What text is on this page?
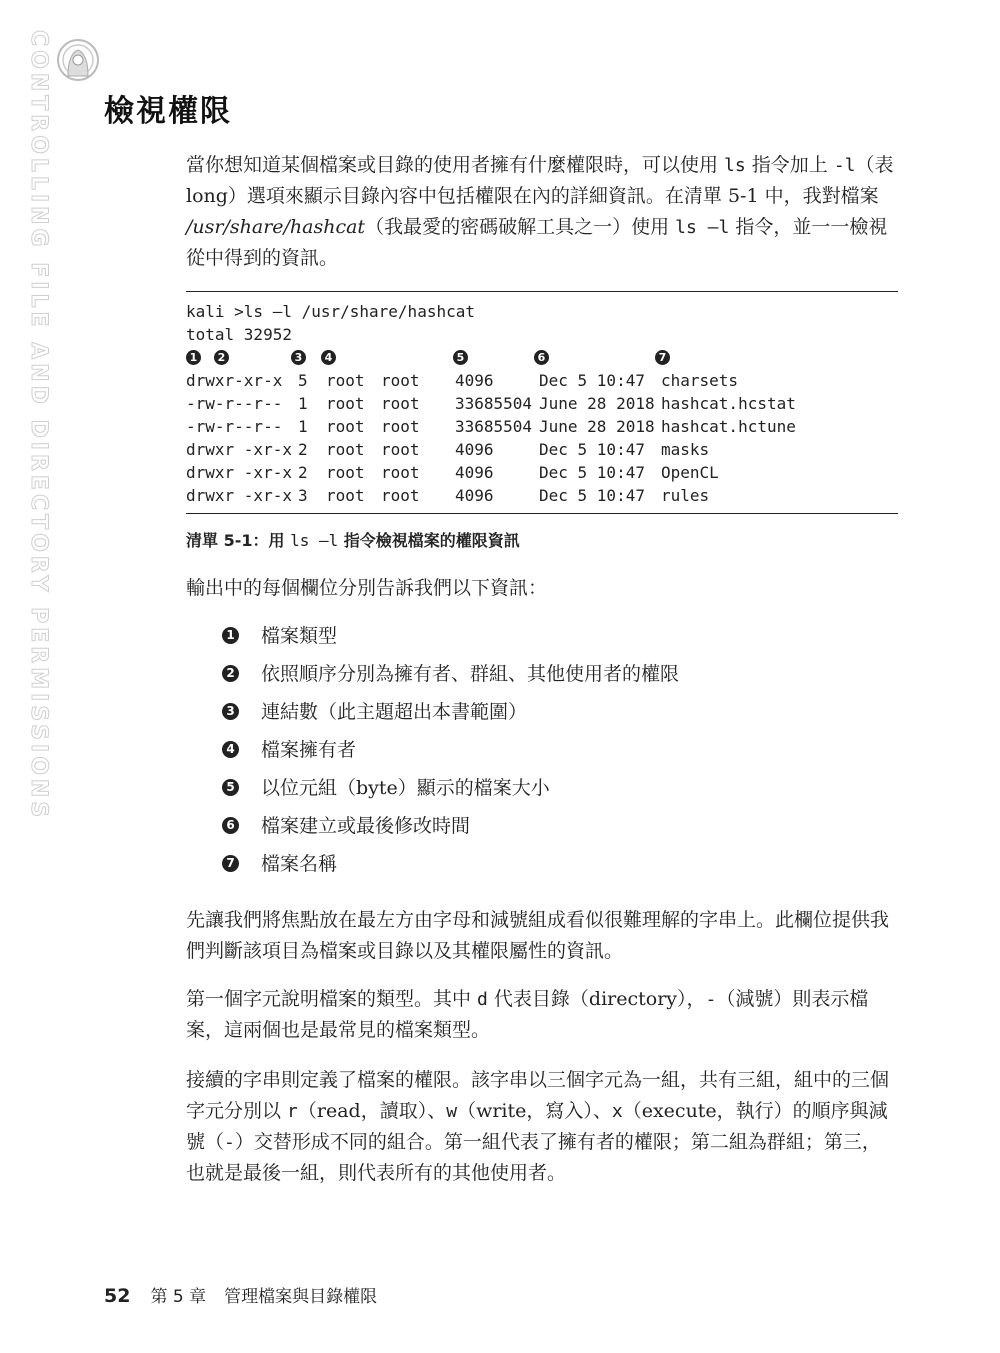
CONTROLLING FILE AND DIRECTORY PERMISSIONS 檢視權限

當你想知道某個檔案或目錄的使用者擁有什麼權限時，可以使用 ls 指令加上 -l（表 long）選項來顯示目錄內容中包括權限在內的詳細資訊。在清單 5-1 中，我對檔案 /usr/share/hashcat（我最愛的密碼破解工具之一）使用 ls –l 指令，並一一檢視從中得到的資訊。

kali >ls –l /usr/share/hashcat
total 32952
1	2	3	4	5	6	7
drwxr-xr-x 5 root root 4096	Dec 5 10:47 charsets
-rw-r--r-- 1 root root 33685504 June 28 2018 hashcat.hcstat
-rw-r--r-- 1 root root 33685504 June 28 2018 hashcat.hctune
drwxr -xr-x 2 root root 4096	Dec 5 10:47 masks
drwxr -xr-x 2 root root 4096	Dec 5 10:47 OpenCL
drwxr -xr-x 3 root root 4096	Dec 5 10:47 rules

清單 5-1：用 ls –l 指令檢視檔案的權限資訊

輸出中的每個欄位分別告訴我們以下資訊：

1 檔案類型
2 依照順序分別為擁有者、群組、其他使用者的權限
3 連結數（此主題超出本書範圍）
4 檔案擁有者
5 以位元組（byte）顯示的檔案大小
6 檔案建立或最後修改時間
7 檔案名稱

先讓我們將焦點放在最左方由字母和減號組成看似很難理解的字串上。此欄位提供我們判斷該項目為檔案或目錄以及其權限屬性的資訊。

第一個字元說明檔案的類型。其中 d 代表目錄（directory），-（減號）則表示檔案，這兩個也是最常見的檔案類型。

接續的字串則定義了檔案的權限。該字串以三個字元為一組，共有三組，組中的三個字元分別以 r（read，讀取）、w（write，寫入）、x（execute，執行）的順序與減號（-）交替形成不同的組合。第一組代表了擁有者的權限；第二組為群組；第三，也就是最後一組，則代表所有的其他使用者。

52 第 5 章 管理檔案與目錄權限
